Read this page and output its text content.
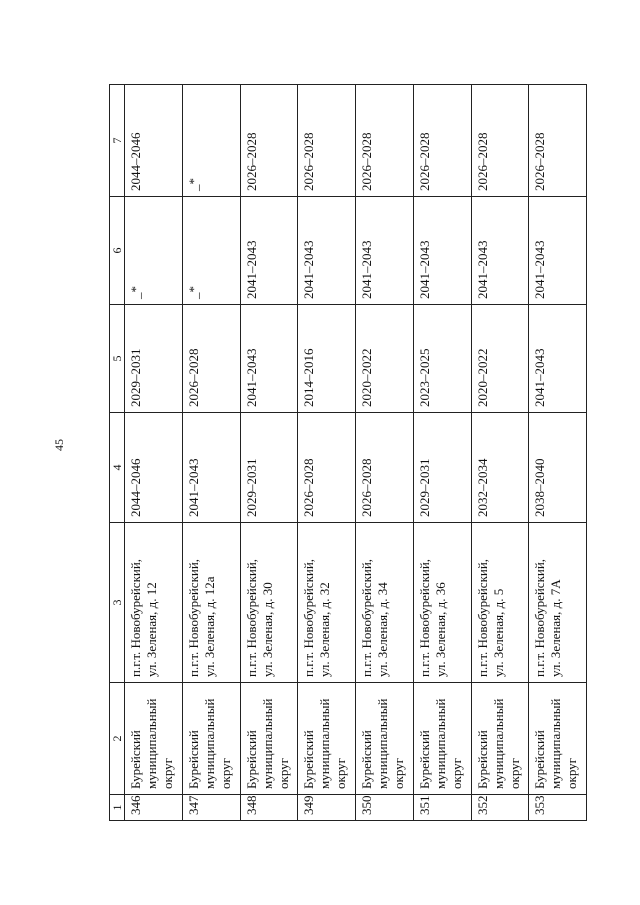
45
1	2	3	4	5	6	7
346	Бурейский
муниципальный
округ	п.г.т. Новобурейский,
ул. Зеленая, д. 12	2044–2046	2029–2031	_*	2044–2046
347	Бурейский
муниципальный
округ	п.г.т. Новобурейский,
ул. Зеленая, д. 12а	2041–2043	2026–2028	_*	_*
348	Бурейский
муниципальный
округ	п.г.т. Новобурейский,
ул. Зеленая, д. 30	2029–2031	2041–2043	2041–2043	2026–2028
349	Бурейский
муниципальный
округ	п.г.т. Новобурейский,
ул. Зеленая, д. 32	2026–2028	2014–2016	2041–2043	2026–2028
350	Бурейский
муниципальный
округ	п.г.т. Новобурейский,
ул. Зеленая, д. 34	2026–2028	2020–2022	2041–2043	2026–2028
351	Бурейский
муниципальный
округ	п.г.т. Новобурейский,
ул. Зеленая, д. 36	2029–2031	2023–2025	2041–2043	2026–2028
352	Бурейский
муниципальный
округ	п.г.т. Новобурейский,
ул. Зеленая, д. 5	2032–2034	2020–2022	2041–2043	2026–2028
353	Бурейский
муниципальный
округ	п.г.т. Новобурейский,
ул. Зеленая, д. 7А	2038–2040	2041–2043	2041–2043	2026–2028
